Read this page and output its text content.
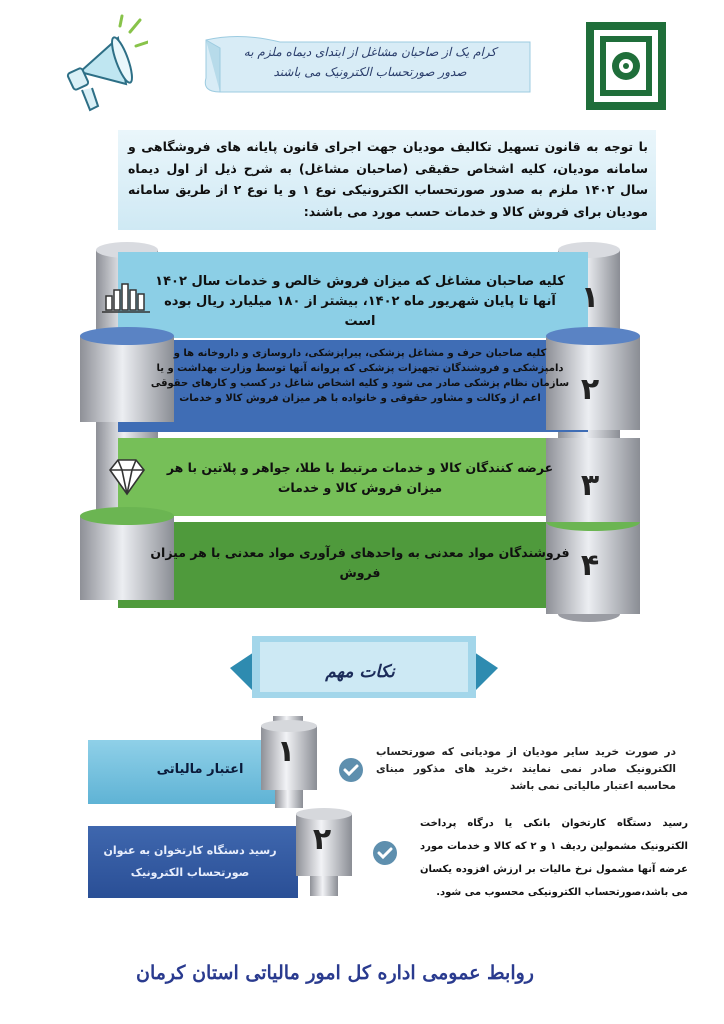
کرام یک از صاحبان مشاغل از ابتدای دیماه ملزم به
صدور صورتحساب الکترونیک می باشند
با توجه به قانون تسهیل تکالیف مودیان جهت اجرای قانون پایانه های فروشگاهی و سامانه مودیان، کلیه اشخاص حقیقی (صاحبان مشاغل) به شرح ذیل از اول دیماه سال ۱۴۰۲ ملزم به صدور صورتحساب الکترونیکی نوع ۱ و یا نوع ۲ از طریق سامانه مودیان برای فروش کالا و خدمات حسب مورد می باشند:
کلیه صاحبان مشاغل که میزان فروش خالص و خدمات سال ۱۴۰۲ آنها تا پایان شهریور ماه ۱۴۰۲، بیشتر از ۱۸۰ میلیارد ریال بوده است
۱
کلیه صاحبان حرف و مشاغل پزشکی، پیراپزشکی، داروسازی و داروخانه ها و دامپزشکی و فروشندگان تجهیزات پزشکی که پروانه آنها توسط وزارت بهداشت و یا سازمان نظام پزشکی صادر می شود و کلیه اشخاص شاغل در کسب و کارهای حقوقی اعم از وکالت و مشاور حقوقی و خانواده با هر میزان فروش کالا و خدمات	۲
عرضه کنندگان کالا و خدمات مرتبط با طلا، جواهر و پلاتین با هر میزان فروش کالا و خدمات	۳
فروشندگان مواد معدنی به واحدهای فرآوری مواد معدنی با هر میزان فروش	۴
نکات مهم
اعتبار مالیاتی
رسید دستگاه کارتخوان به عنوان صورتحساب الکترونیک
۱
۲
در صورت خرید سایر مودیان از مودیانی که صورتحساب الکترونیک صادر نمی نمایند ،خرید های مذکور مبنای محاسبه اعتبار مالیاتی نمی باشد
رسید دستگاه کارتخوان بانکی یا درگاه پرداخت الکترونیک مشمولین ردیف ۱ و ۲ که کالا و خدمات مورد عرضه آنها مشمول نرخ مالیات بر ارزش افزوده یکسان می باشد،صورتحساب الکترونیکی محسوب می شود.
روابط عمومی اداره کل امور مالیاتی استان کرمان
